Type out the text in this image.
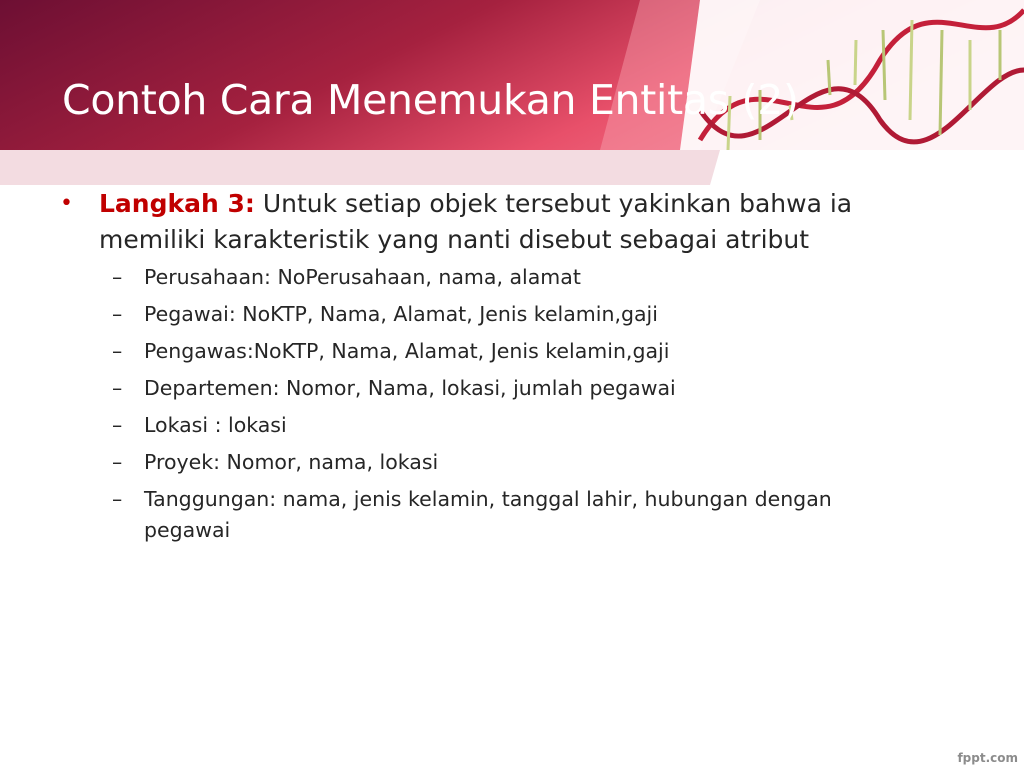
Contoh Cara Menemukan Entitas (2)
• Langkah 3: Untuk setiap objek tersebut yakinkan bahwa ia memiliki karakteristik yang nanti disebut sebagai atribut
– Perusahaan: NoPerusahaan, nama, alamat
– Pegawai: NoKTP, Nama, Alamat, Jenis kelamin,gaji
– Pengawas:NoKTP, Nama, Alamat, Jenis kelamin,gaji
– Departemen: Nomor, Nama, lokasi, jumlah pegawai
– Lokasi : lokasi
– Proyek: Nomor, nama, lokasi
– Tanggungan: nama, jenis kelamin, tanggal lahir, hubungan dengan pegawai
fppt.com
